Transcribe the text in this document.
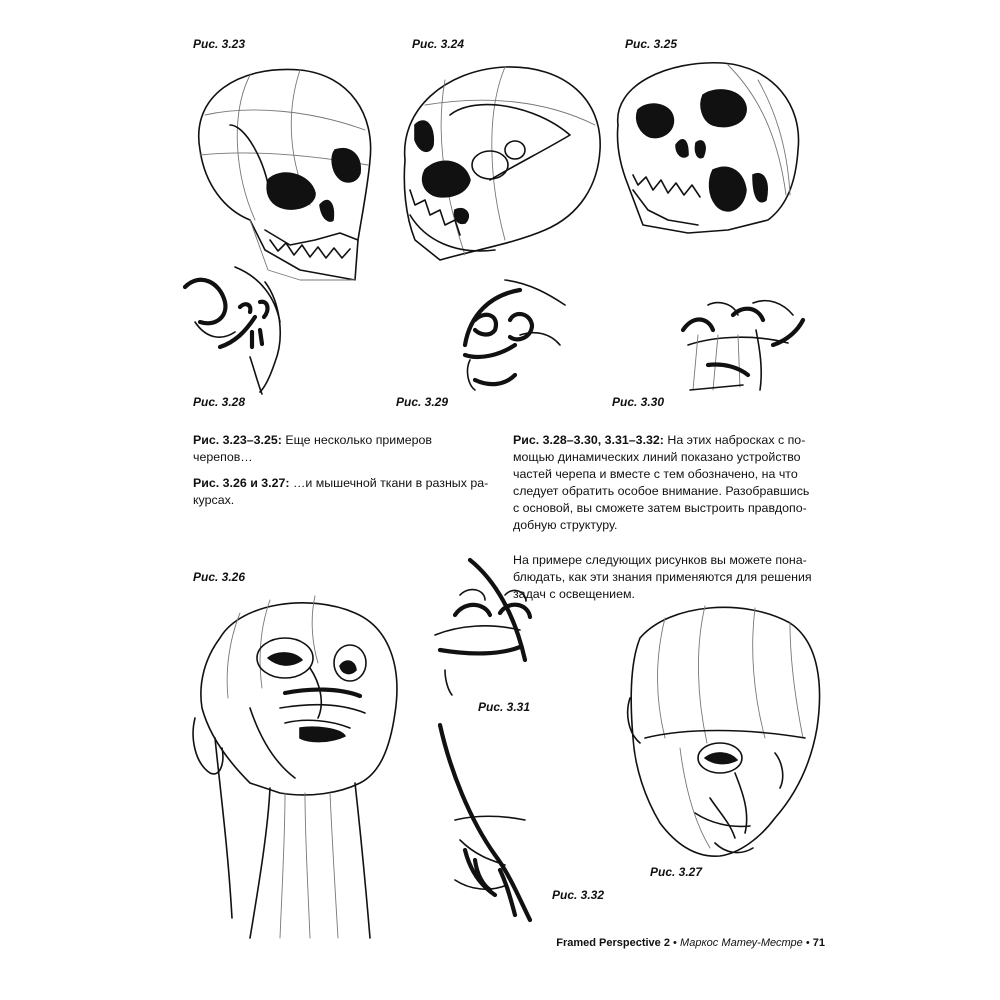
Рис. 3.23	Рис. 3.24	Рис. 3.25
Рис. 3.28	Рис. 3.29	Рис. 3.30
Рис. 3.26
Рис. 3.31
Рис. 3.27
Рис. 3.32

Рис. 3.23–3.25: Еще несколько примеров черепов…

Рис. 3.26 и 3.27: …и мышечной ткани в разных ра-курсах.

Рис. 3.28–3.30, 3.31–3.32: На этих набросках с по-мощью динамических линий показано устройство частей черепа и вместе с тем обозначено, на что следует обратить особое внимание. Разобравшись с основой, вы сможете затем выстроить правдопо-добную структуру.

На примере следующих рисунков вы можете пона-блюдать, как эти знания применяются для решения задач с освещением.

Framed Perspective 2 • Маркос Матеу-Местре • 71
